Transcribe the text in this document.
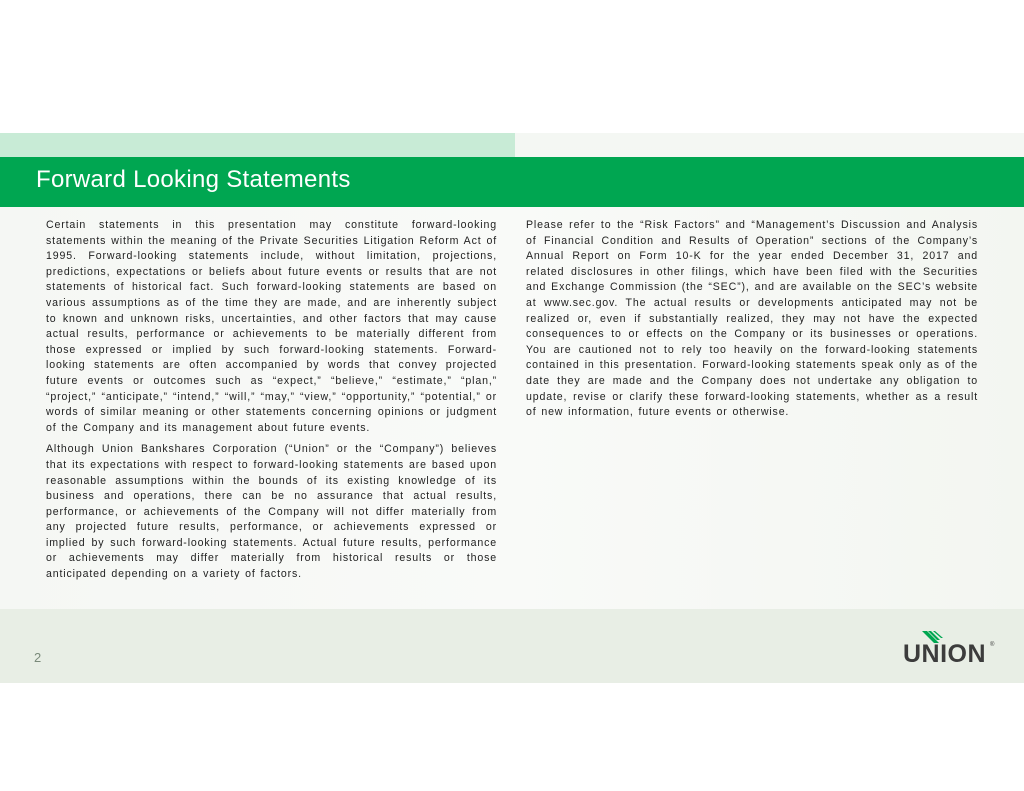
Forward Looking Statements

Certain statements in this presentation may constitute forward-looking statements within the meaning of the Private Securities Litigation Reform Act of 1995. Forward-looking statements include, without limitation, projections, predictions, expectations or beliefs about future events or results that are not statements of historical fact. Such forward-looking statements are based on various assumptions as of the time they are made, and are inherently subject to known and unknown risks, uncertainties, and other factors that may cause actual results, performance or achievements to be materially different from those expressed or implied by such forward-looking statements. Forward-looking statements are often accompanied by words that convey projected future events or outcomes such as “expect,” “believe,” “estimate,” “plan,” “project,” “anticipate,” “intend,” “will,” “may,” “view,” “opportunity,” “potential,” or words of similar meaning or other statements concerning opinions or judgment of the Company and its management about future events.

Although Union Bankshares Corporation (“Union” or the “Company”) believes that its expectations with respect to forward-looking statements are based upon reasonable assumptions within the bounds of its existing knowledge of its business and operations, there can be no assurance that actual results, performance, or achievements of the Company will not differ materially from any projected future results, performance, or achievements expressed or implied by such forward-looking statements. Actual future results, performance or achievements may differ materially from historical results or those anticipated depending on a variety of factors.

Please refer to the “Risk Factors” and “Management’s Discussion and Analysis of Financial Condition and Results of Operation” sections of the Company’s Annual Report on Form 10-K for the year ended December 31, 2017 and related disclosures in other filings, which have been filed with the Securities and Exchange Commission (the “SEC”), and are available on the SEC’s website at www.sec.gov. The actual results or developments anticipated may not be realized or, even if substantially realized, they may not have the expected consequences to or effects on the Company or its businesses or operations. You are cautioned not to rely too heavily on the forward-looking statements contained in this presentation. Forward-looking statements speak only as of the date they are made and the Company does not undertake any obligation to update, revise or clarify these forward-looking statements, whether as a result of new information, future events or otherwise.

2	UNION ®
